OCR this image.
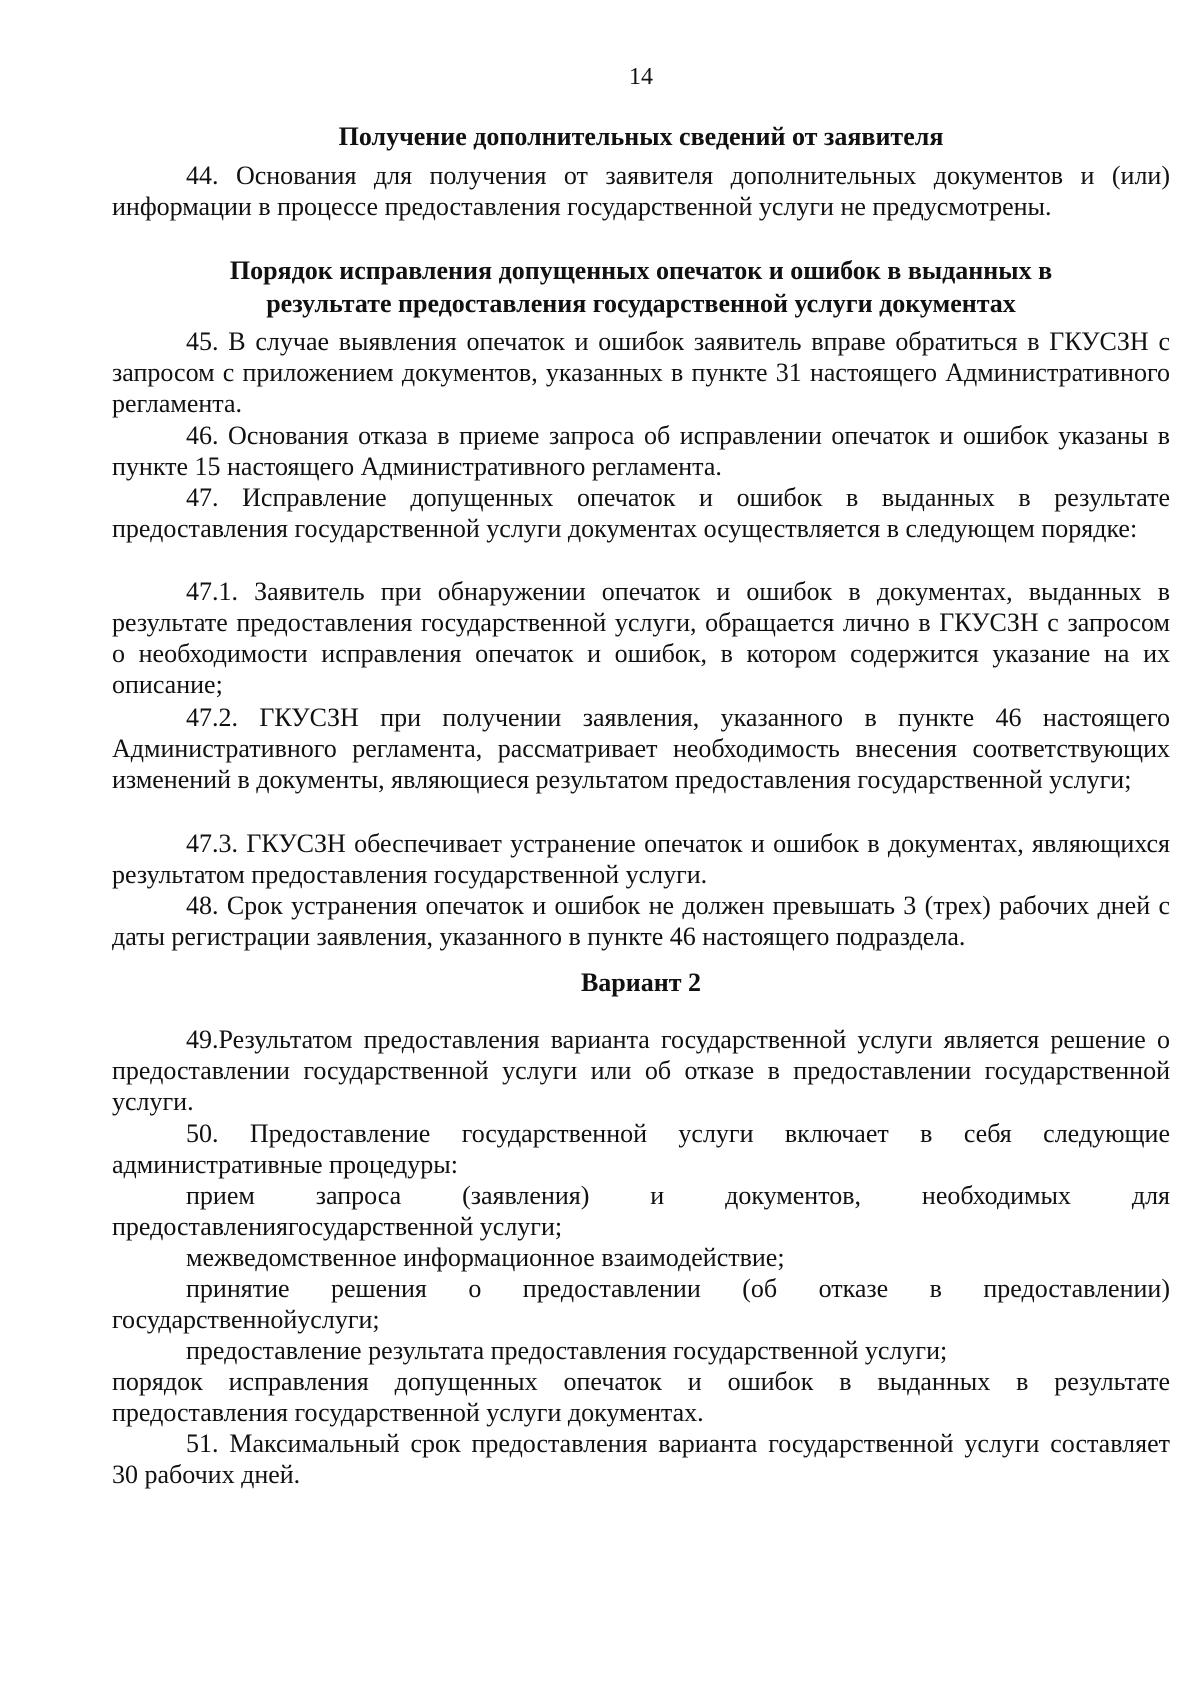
14
Получение дополнительных сведений от заявителя

44. Основания для получения от заявителя дополнительных документов и (или) информации в процессе предоставления государственной услуги не предусмотрены.

Порядок исправления допущенных опечаток и ошибок в выданных в
результате предоставления государственной услуги документах

45. В случае выявления опечаток и ошибок заявитель вправе обратиться в ГКУСЗН с запросом с приложением документов, указанных в пункте 31 настоящего Административного регламента.

46. Основания отказа в приеме запроса об исправлении опечаток и ошибок указаны в пункте 15 настоящего Административного регламента.

47. Исправление допущенных опечаток и ошибок в выданных в результате предоставления государственной услуги документах осуществляется в следующем порядке:

47.1. Заявитель при обнаружении опечаток и ошибок в документах, выданных в результате предоставления государственной услуги, обращается лично в ГКУСЗН с запросом о необходимости исправления опечаток и ошибок, в котором содержится указание на их описание;

47.2. ГКУСЗН при получении заявления, указанного в пункте 46 настоящего Административного регламента, рассматривает необходимость внесения соответствующих изменений в документы, являющиеся результатом предоставления государственной услуги;

47.3. ГКУСЗН обеспечивает устранение опечаток и ошибок в документах, являющихся результатом предоставления государственной услуги.

48. Срок устранения опечаток и ошибок не должен превышать 3 (трех) рабочих дней с даты регистрации заявления, указанного в пункте 46 настоящего подраздела.

Вариант 2

49.Результатом предоставления варианта государственной услуги является решение о предоставлении государственной услуги или об отказе в предоставлении государственной услуги.

50. Предоставление государственной услуги включает в себя следующие административные процедуры:

прием запроса (заявления) и документов, необходимых для предоставлениягосударственной услуги;

межведомственное информационное взаимодействие;

принятие решения о предоставлении (об отказе в предоставлении) государственнойуслуги;

предоставление результата предоставления государственной услуги;

порядок исправления допущенных опечаток и ошибок в выданных в результате предоставления государственной услуги документах.

51. Максимальный срок предоставления варианта государственной услуги составляет 30 рабочих дней.
